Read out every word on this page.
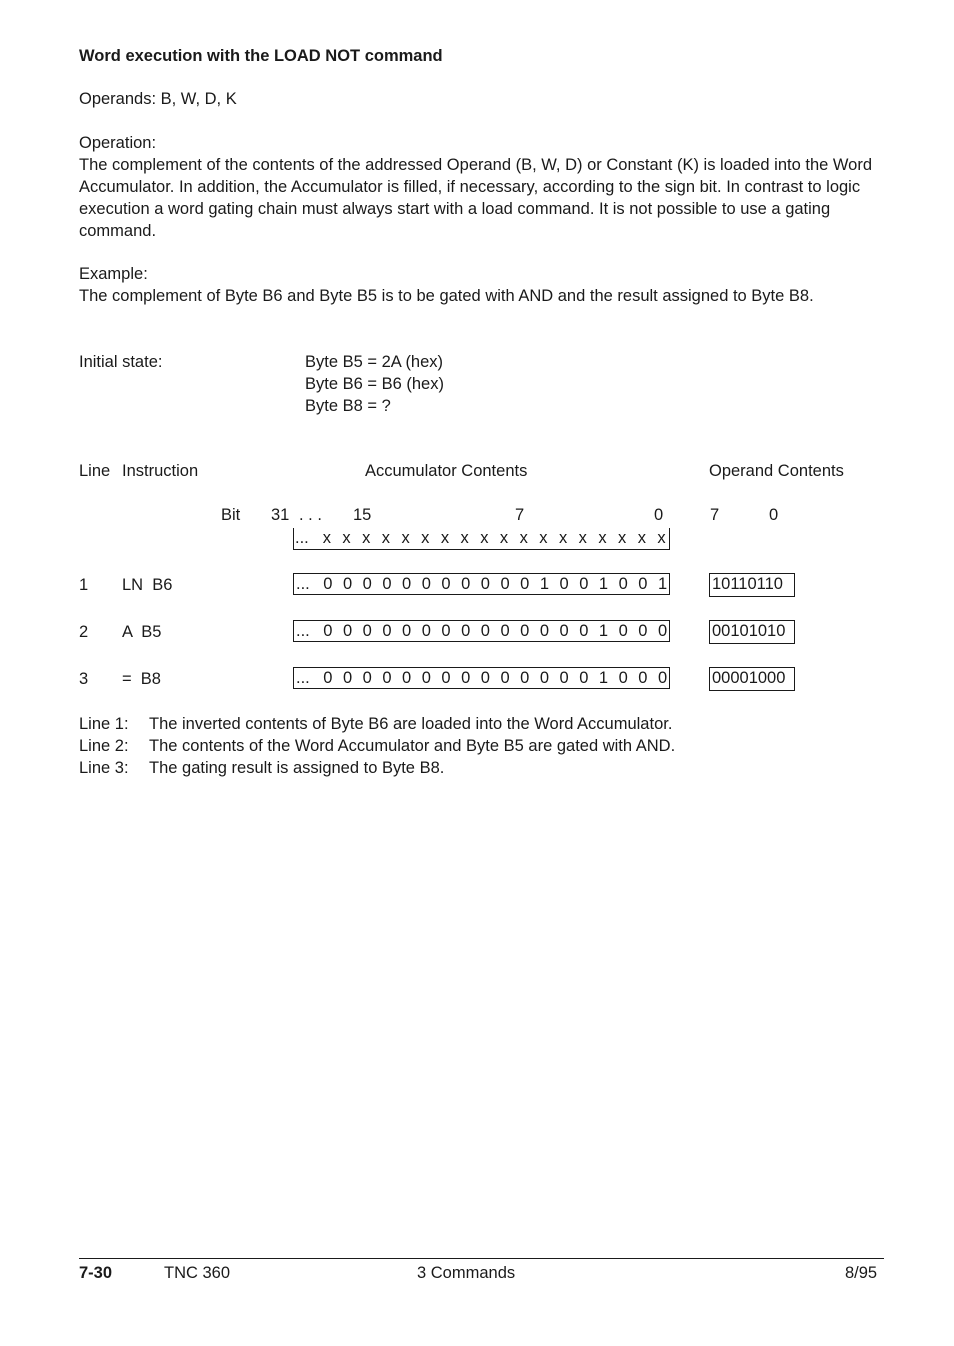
Word execution with the LOAD NOT command
Operands: B, W, D, K
Operation:
The complement of the contents of the addressed Operand (B, W, D) or Constant (K) is loaded into the Word Accumulator. In addition, the Accumulator is filled, if necessary, according to the sign bit. In contrast to logic execution a word gating chain must always start with a load command. It is not possible to use a gating command.
Example:
The complement of Byte B6 and Byte B5 is to be gated with AND and the result assigned to Byte B8.
Initial state:	Byte B5 = 2A (hex)
Byte B6 = B6 (hex)
Byte B8 = ?
Line Instruction	Accumulator Contents	Operand Contents
Bit 31 . . . 15	7	0	7	0
... x x x x x x x x x x x x x x x x x x
1 LN  B6	... 0 0 0 0 0 0 0 0 0 0 0 1 0 0 1 0 0 1	10110110
2 A  B5	... 0 0 0 0 0 0 0 0 0 0 0 0 0 0 1 0 0 0	00101010
3 =  B8	... 0 0 0 0 0 0 0 0 0 0 0 0 0 0 1 0 0 0	00001000
Line 1: The inverted contents of Byte B6 are loaded into the Word Accumulator.
Line 2: The contents of the Word Accumulator and Byte B5 are gated with AND.
Line 3: The gating result is assigned to Byte B8.
7-30	TNC 360	3 Commands	8/95
